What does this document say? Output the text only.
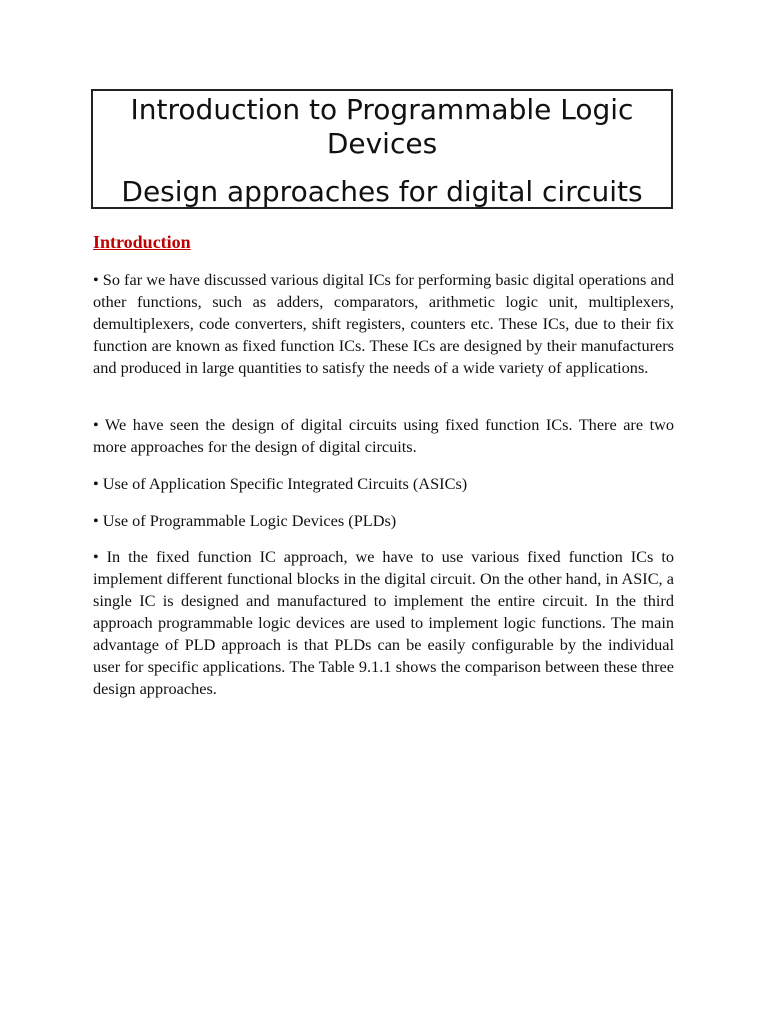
Introduction to Programmable Logic Devices
Design approaches for digital circuits
Introduction

• So far we have discussed various digital ICs for performing basic digital operations and other functions, such as adders, comparators, arithmetic logic unit, multiplexers, demultiplexers, code converters, shift registers, counters etc. These ICs, due to their fix function are known as fixed function ICs. These ICs are designed by their manufacturers and produced in large quantities to satisfy the needs of a wide variety of applications.

• We have seen the design of digital circuits using fixed function ICs. There are two more approaches for the design of digital circuits.

• Use of Application Specific Integrated Circuits (ASICs)

• Use of Programmable Logic Devices (PLDs)

• In the fixed function IC approach, we have to use various fixed function ICs to implement different functional blocks in the digital circuit. On the other hand, in ASIC, a single IC is designed and manufactured to implement the entire circuit. In the third approach programmable logic devices are used to implement logic functions. The main advantage of PLD approach is that PLDs can be easily configurable by the individual user for specific applications. The Table 9.1.1 shows the comparison between these three design approaches.
